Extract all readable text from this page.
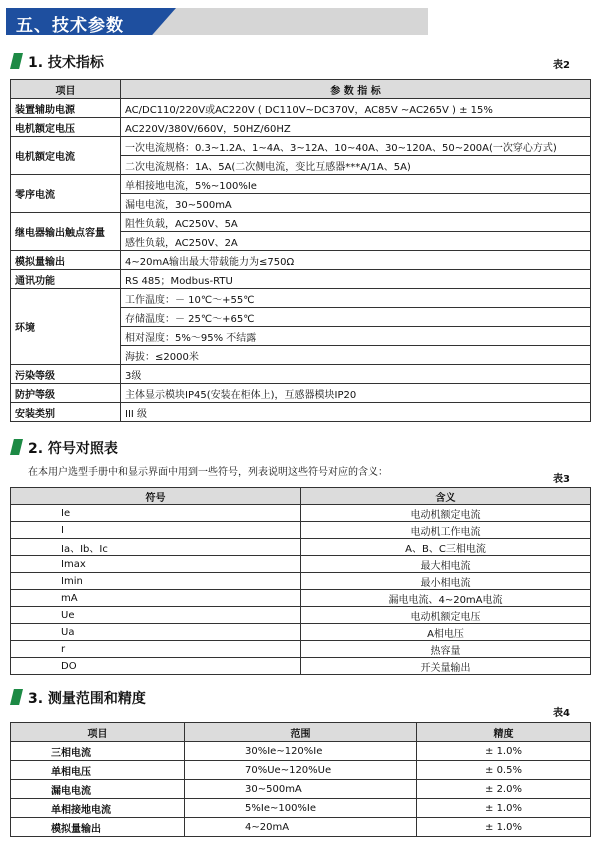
五、技术参数
1. 技术指标	表2
项目	参 数 指 标
装置辅助电源	AC/DC110/220V或AC220V ( DC110V~DC370V，AC85V ~AC265V ) ± 15%
电机额定电压	AC220V/380V/660V，50HZ/60HZ
电机额定电流	一次电流规格：0.3~1.2A、1~4A、3~12A、10~40A、30~120A、50~200A(一次穿心方式)
	二次电流规格：1A、5A(二次侧电流，变比互感器***A/1A、5A)
零序电流	单相接地电流，5%~100%Ie
	漏电电流，30~500mA
继电器输出触点容量	阻性负载，AC250V、5A
	感性负载，AC250V、2A
模拟量输出	4~20mA输出最大带载能力为≤750Ω
通讯功能	RS 485；Modbus-RTU
环境	工作温度：－ 10℃～+55℃
	存储温度：－ 25℃～+65℃
	相对湿度：5%～95% 不结露
	海拔：≤2000米
污染等级	3级
防护等级	主体显示模块IP45(安装在柜体上)，互感器模块IP20
安装类别	III 级
2. 符号对照表
在本用户选型手册中和显示界面中用到一些符号，列表说明这些符号对应的含义：
表3
符号	含义
Ie	电动机额定电流
I	电动机工作电流
Ia、Ib、Ic	A、B、C三相电流
Imax	最大相电流
Imin	最小相电流
mA	漏电电流、4~20mA电流
Ue	电动机额定电压
Ua	A相电压
r	热容量
DO	开关量输出
3. 测量范围和精度
表4
项目	范围	精度
三相电流	30%Ie~120%Ie	± 1.0%
单相电压	70%Ue~120%Ue	± 0.5%
漏电电流	30~500mA	± 2.0%
单相接地电流	5%Ie~100%Ie	± 1.0%
模拟量输出	4~20mA	± 1.0%
